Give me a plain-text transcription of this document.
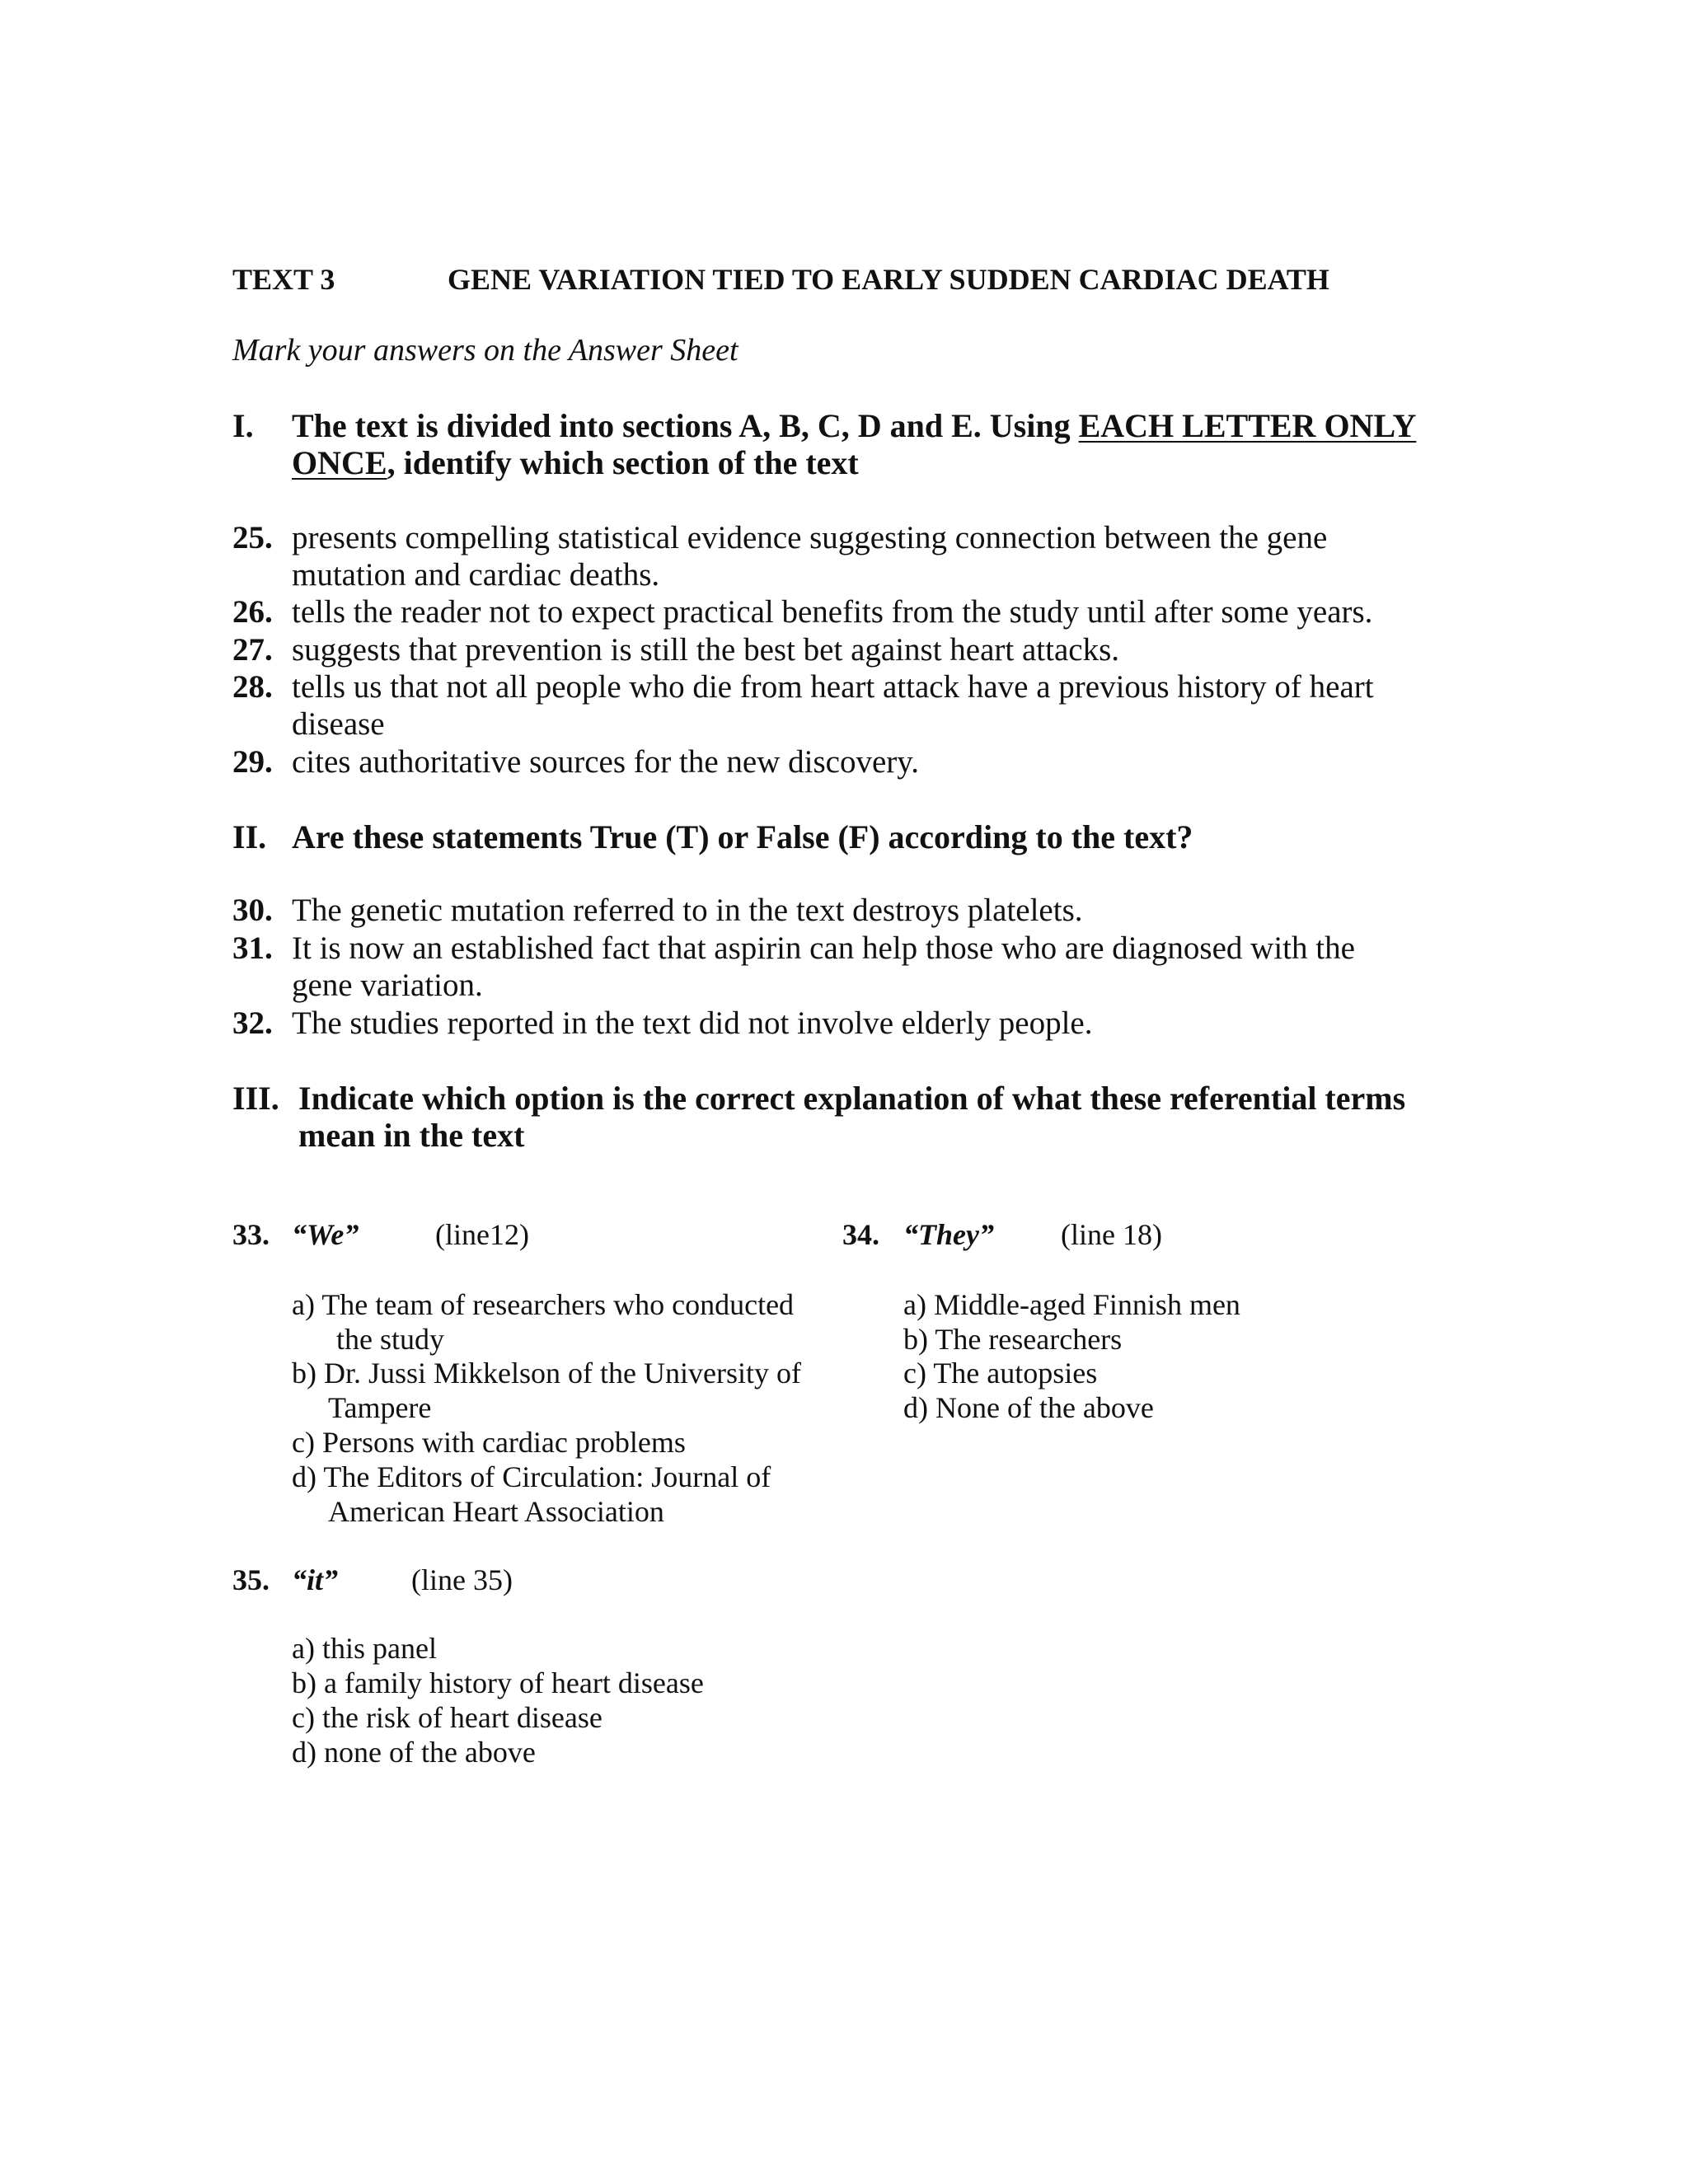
TEXT 3	GENE VARIATION TIED TO EARLY SUDDEN CARDIAC DEATH
Mark your answers on the Answer Sheet
I. The text is divided into sections A, B, C, D and E. Using EACH LETTER ONLY
ONCE, identify which section of the text
25. presents compelling statistical evidence suggesting connection between the gene
mutation and cardiac deaths.
26. tells the reader not to expect practical benefits from the study until after some years.
27. suggests that prevention is still the best bet against heart attacks.
28. tells us that not all people who die from heart attack have a previous history of heart
disease
29. cites authoritative sources for the new discovery.
II. Are these statements True (T) or False (F) according to the text?
30. The genetic mutation referred to in the text destroys platelets.
31. It is now an established fact that aspirin can help those who are diagnosed with the
gene variation.
32. The studies reported in the text did not involve elderly people.
III. Indicate which option is the correct explanation of what these referential terms
mean in the text
33. “We”	(line12)
a) The team of researchers who conducted
the study
b) Dr. Jussi Mikkelson of the University of
Tampere
c) Persons with cardiac problems
d) The Editors of Circulation: Journal of
American Heart Association
34. “They” (line 18)
a) Middle-aged Finnish men
b) The researchers
c) The autopsies
d) None of the above
35. “it” (line 35)
a) this panel
b) a family history of heart disease
c) the risk of heart disease
d) none of the above
